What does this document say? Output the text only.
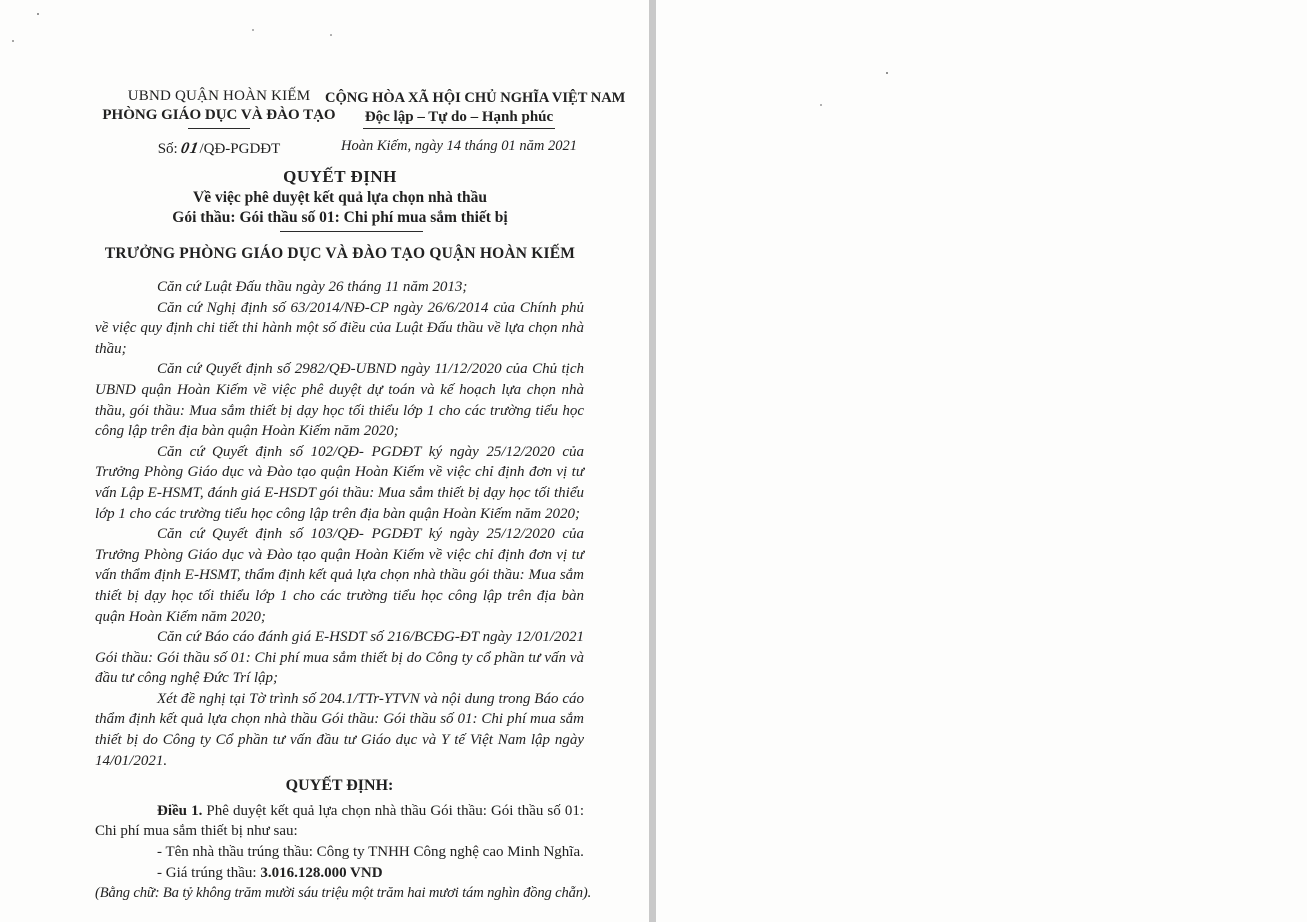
UBND QUẬN HOÀN KIẾM
PHÒNG GIÁO DỤC VÀ ĐÀO TẠO
Số: 01/QĐ-PGDĐT
CỘNG HÒA XÃ HỘI CHỦ NGHĨA VIỆT NAM
Độc lập – Tự do – Hạnh phúc
Hoàn Kiếm, ngày 14 tháng 01 năm 2021
QUYẾT ĐỊNH
Về việc phê duyệt kết quả lựa chọn nhà thầu
Gói thầu: Gói thầu số 01: Chi phí mua sắm thiết bị
TRƯỞNG PHÒNG GIÁO DỤC VÀ ĐÀO TẠO QUẬN HOÀN KIẾM

Căn cứ Luật Đấu thầu ngày 26 tháng 11 năm 2013;

Căn cứ Nghị định số 63/2014/NĐ-CP ngày 26/6/2014 của Chính phủ về việc quy định chi tiết thi hành một số điều của Luật Đấu thầu về lựa chọn nhà thầu;

Căn cứ Quyết định số 2982/QĐ-UBND ngày 11/12/2020 của Chủ tịch UBND quận Hoàn Kiếm về việc phê duyệt dự toán và kế hoạch lựa chọn nhà thầu, gói thầu: Mua sắm thiết bị dạy học tối thiểu lớp 1 cho các trường tiểu học công lập trên địa bàn quận Hoàn Kiếm năm 2020;

Căn cứ Quyết định số 102/QĐ- PGDĐT ký ngày 25/12/2020 của Trưởng Phòng Giáo dục và Đào tạo quận Hoàn Kiếm về việc chỉ định đơn vị tư vấn Lập E-HSMT, đánh giá E-HSDT gói thầu: Mua sắm thiết bị dạy học tối thiểu lớp 1 cho các trường tiểu học công lập trên địa bàn quận Hoàn Kiếm năm 2020;

Căn cứ Quyết định số 103/QĐ- PGDĐT ký ngày 25/12/2020 của Trưởng Phòng Giáo dục và Đào tạo quận Hoàn Kiếm về việc chỉ định đơn vị tư vấn thẩm định E-HSMT, thẩm định kết quả lựa chọn nhà thầu gói thầu: Mua sắm thiết bị dạy học tối thiểu lớp 1 cho các trường tiểu học công lập trên địa bàn quận Hoàn Kiếm năm 2020;

Căn cứ Báo cáo đánh giá E-HSDT số 216/BCĐG-ĐT ngày 12/01/2021 Gói thầu: Gói thầu số 01: Chi phí mua sắm thiết bị do Công ty cổ phần tư vấn và đầu tư công nghệ Đức Trí lập;

Xét đề nghị tại Tờ trình số 204.1/TTr-YTVN và nội dung trong Báo cáo thẩm định kết quả lựa chọn nhà thầu Gói thầu: Gói thầu số 01: Chi phí mua sắm thiết bị do Công ty Cổ phần tư vấn đầu tư Giáo dục và Y tế Việt Nam lập ngày 14/01/2021.

QUYẾT ĐỊNH:

Điều 1. Phê duyệt kết quả lựa chọn nhà thầu Gói thầu: Gói thầu số 01: Chi phí mua sắm thiết bị như sau:

- Tên nhà thầu trúng thầu: Công ty TNHH Công nghệ cao Minh Nghĩa.

- Giá trúng thầu: 3.016.128.000 VND

(Bằng chữ: Ba tỷ không trăm mười sáu triệu một trăm hai mươi tám nghìn đồng chẵn).
